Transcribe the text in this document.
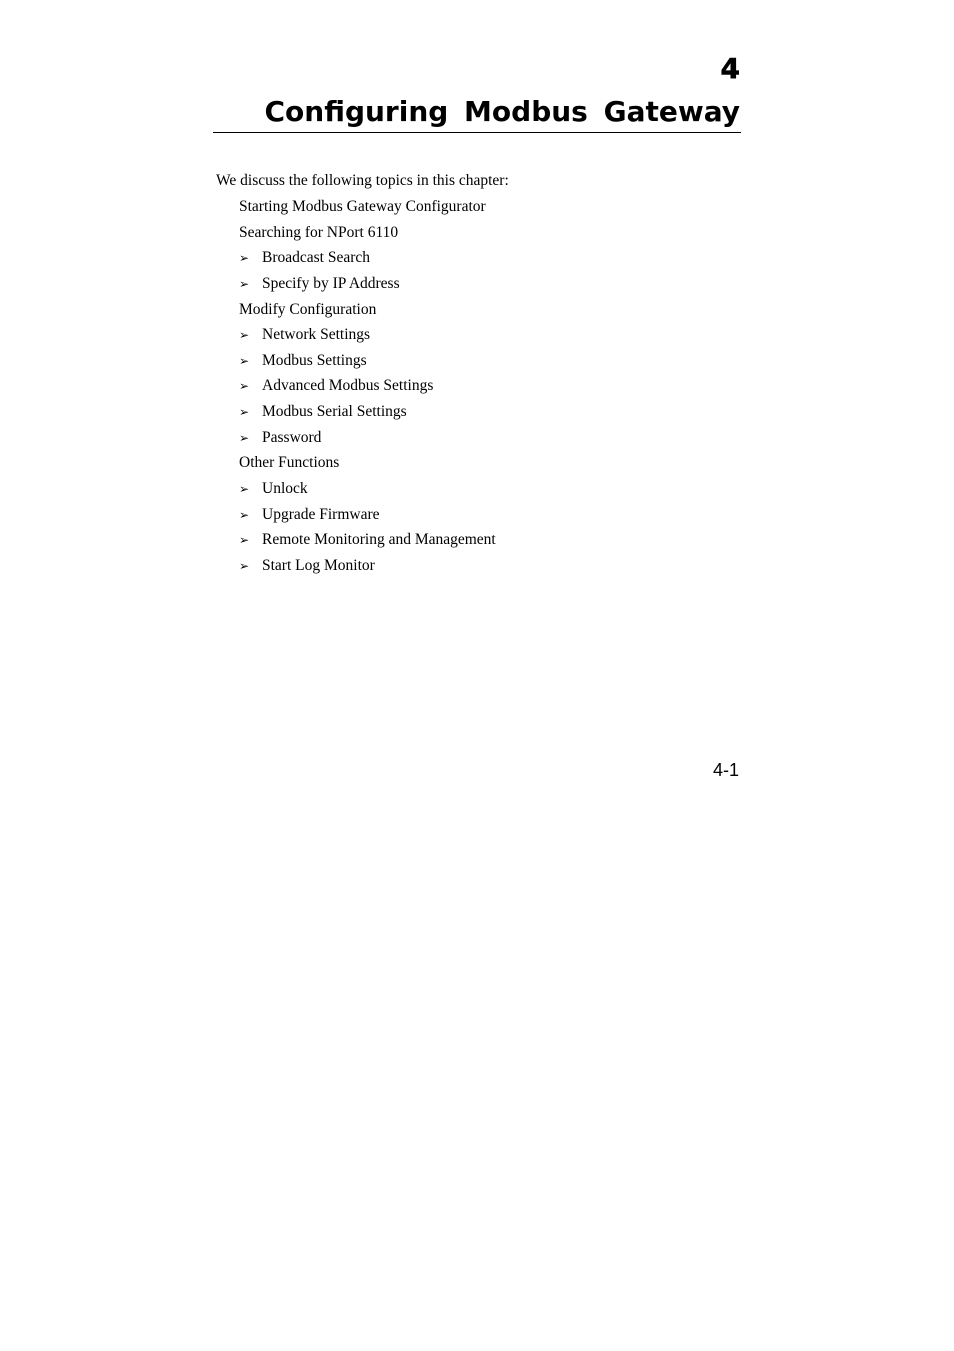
4
Configuring Modbus Gateway
We discuss the following topics in this chapter:
Starting Modbus Gateway Configurator
Searching for NPort 6110
➢ Broadcast Search
➢ Specify by IP Address
Modify Configuration
➢ Network Settings
➢ Modbus Settings
➢ Advanced Modbus Settings
➢ Modbus Serial Settings
➢ Password
Other Functions
➢ Unlock
➢ Upgrade Firmware
➢ Remote Monitoring and Management
➢ Start Log Monitor
4-1
